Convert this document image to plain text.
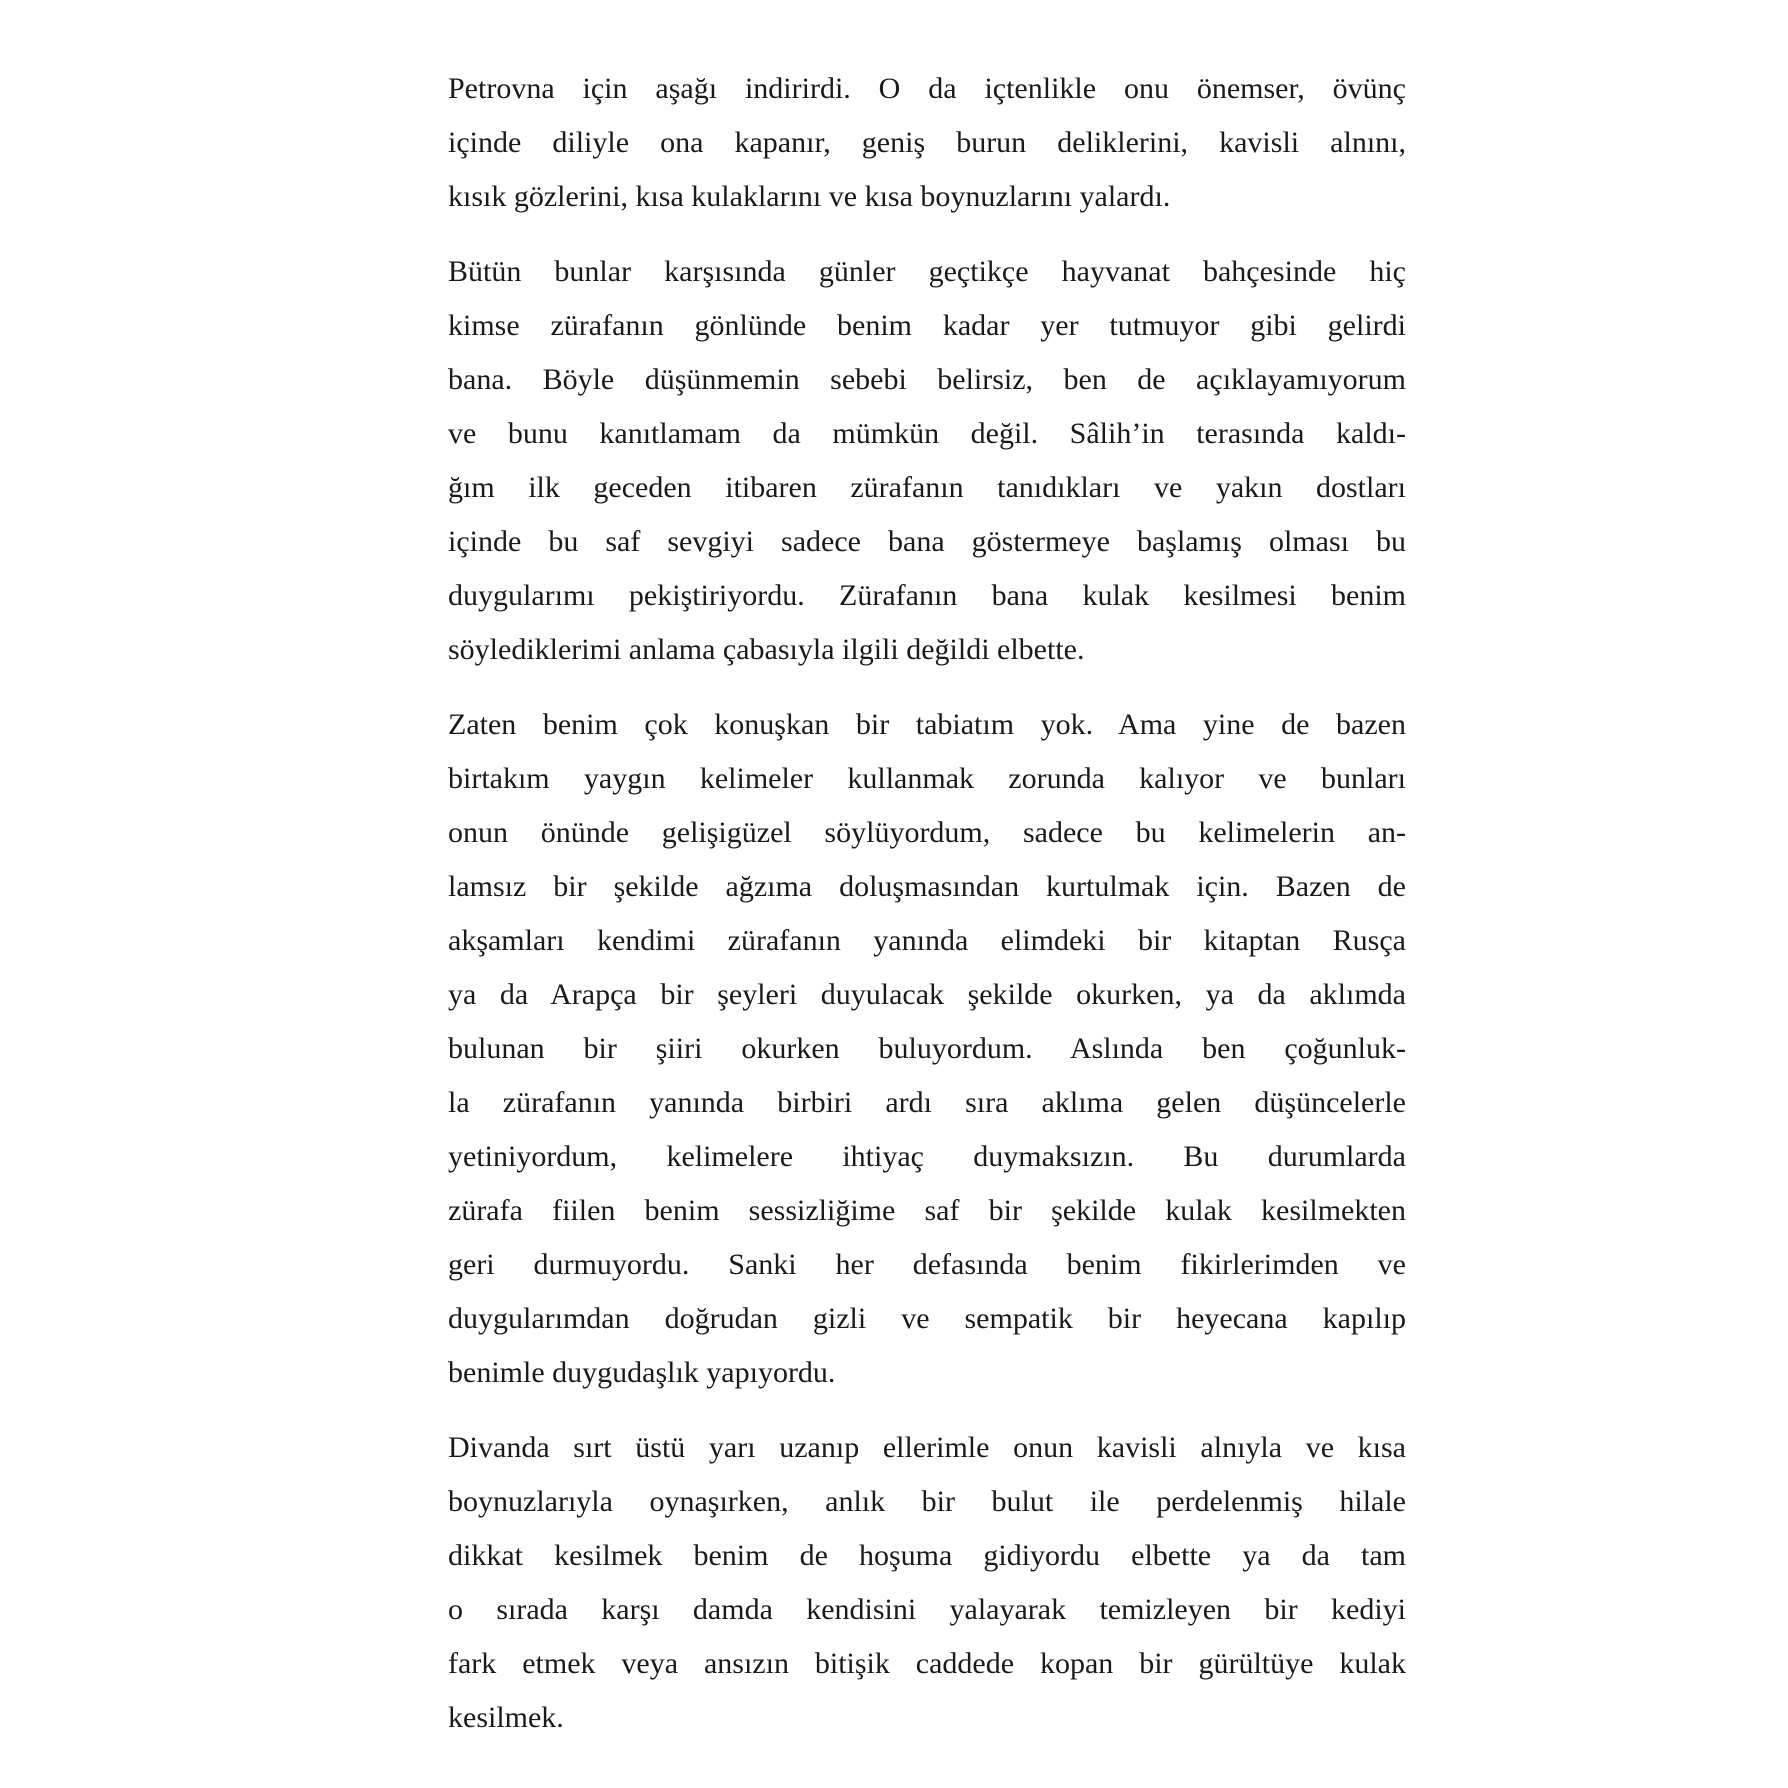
Petrovna için aşağı indirirdi. O da içtenlikle onu önemser, övünç
içinde diliyle ona kapanır, geniş burun deliklerini, kavisli alnını,
kısık gözlerini, kısa kulaklarını ve kısa boynuzlarını yalardı.
Bütün bunlar karşısında günler geçtikçe hayvanat bahçesinde hiç
kimse zürafanın gönlünde benim kadar yer tutmuyor gibi gelirdi
bana. Böyle düşünmemin sebebi belirsiz, ben de açıklayamıyorum
ve bunu kanıtlamam da mümkün değil. Sâlih’in terasında kaldı-
ğım ilk geceden itibaren zürafanın tanıdıkları ve yakın dostları
içinde bu saf sevgiyi sadece bana göstermeye başlamış olması bu
duygularımı pekiştiriyordu. Zürafanın bana kulak kesilmesi benim
söylediklerimi anlama çabasıyla ilgili değildi elbette.
Zaten benim çok konuşkan bir tabiatım yok. Ama yine de bazen
birtakım yaygın kelimeler kullanmak zorunda kalıyor ve bunları
onun önünde gelişigüzel söylüyordum, sadece bu kelimelerin an-
lamsız bir şekilde ağzıma doluşmasından kurtulmak için. Bazen de
akşamları kendimi zürafanın yanında elimdeki bir kitaptan Rusça
ya da Arapça bir şeyleri duyulacak şekilde okurken, ya da aklımda
bulunan bir şiiri okurken buluyordum. Aslında ben çoğunluk-
la zürafanın yanında birbiri ardı sıra aklıma gelen düşüncelerle
yetiniyordum, kelimelere ihtiyaç duymaksızın. Bu durumlarda
zürafa fiilen benim sessizliğime saf bir şekilde kulak kesilmekten
geri durmuyordu. Sanki her defasında benim fikirlerimden ve
duygularımdan doğrudan gizli ve sempatik bir heyecana kapılıp
benimle duygudaşlık yapıyordu.
Divanda sırt üstü yarı uzanıp ellerimle onun kavisli alnıyla ve kısa
boynuzlarıyla oynaşırken, anlık bir bulut ile perdelenmiş hilale
dikkat kesilmek benim de hoşuma gidiyordu elbette ya da tam
o sırada karşı damda kendisini yalayarak temizleyen bir kediyi
fark etmek veya ansızın bitişik caddede kopan bir gürültüye kulak
kesilmek.
